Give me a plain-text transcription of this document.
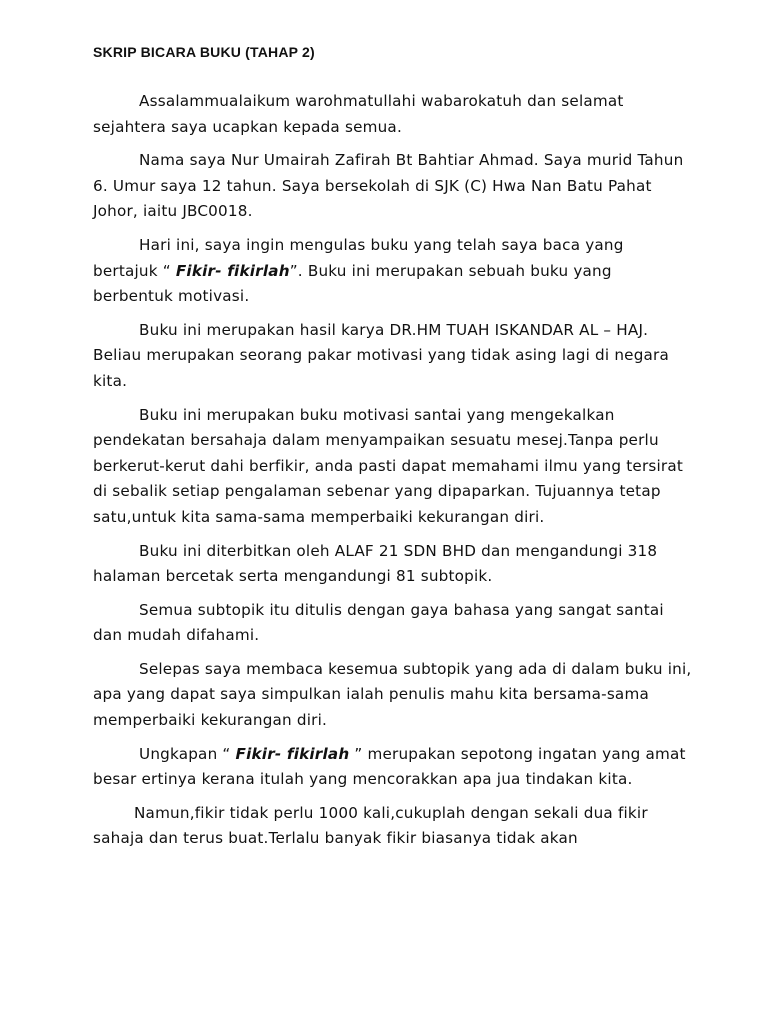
SKRIP BICARA BUKU (TAHAP 2)

Assalammualaikum warohmatullahi wabarokatuh dan selamat sejahtera saya ucapkan kepada semua.

Nama saya Nur Umairah Zafirah Bt Bahtiar Ahmad. Saya murid Tahun 6. Umur saya 12 tahun. Saya bersekolah di SJK (C) Hwa Nan Batu Pahat Johor, iaitu JBC0018.

Hari ini, saya ingin mengulas buku yang telah saya baca yang bertajuk “ Fikir- fikirlah”. Buku ini merupakan sebuah buku yang berbentuk motivasi.

Buku ini merupakan hasil karya DR.HM TUAH ISKANDAR AL – HAJ. Beliau merupakan seorang pakar motivasi yang tidak asing lagi di negara kita.

Buku ini merupakan buku motivasi santai yang mengekalkan pendekatan bersahaja dalam menyampaikan sesuatu mesej.Tanpa perlu berkerut-kerut dahi berfikir, anda pasti dapat memahami ilmu yang tersirat di sebalik setiap pengalaman sebenar yang dipaparkan. Tujuannya tetap satu,untuk kita sama-sama memperbaiki kekurangan diri.

Buku ini diterbitkan oleh ALAF 21 SDN BHD dan mengandungi 318 halaman bercetak serta mengandungi 81 subtopik.

Semua subtopik itu ditulis dengan gaya bahasa yang sangat santai dan mudah difahami.

Selepas saya membaca kesemua subtopik yang ada di dalam buku ini, apa yang dapat saya simpulkan ialah penulis mahu kita bersama-sama memperbaiki kekurangan diri.

Ungkapan “ Fikir- fikirlah ” merupakan sepotong ingatan yang amat besar ertinya kerana itulah yang mencorakkan apa jua tindakan kita.

Namun,fikir tidak perlu 1000 kali,cukuplah dengan sekali dua fikir sahaja dan terus buat.Terlalu banyak fikir biasanya tidak akan
